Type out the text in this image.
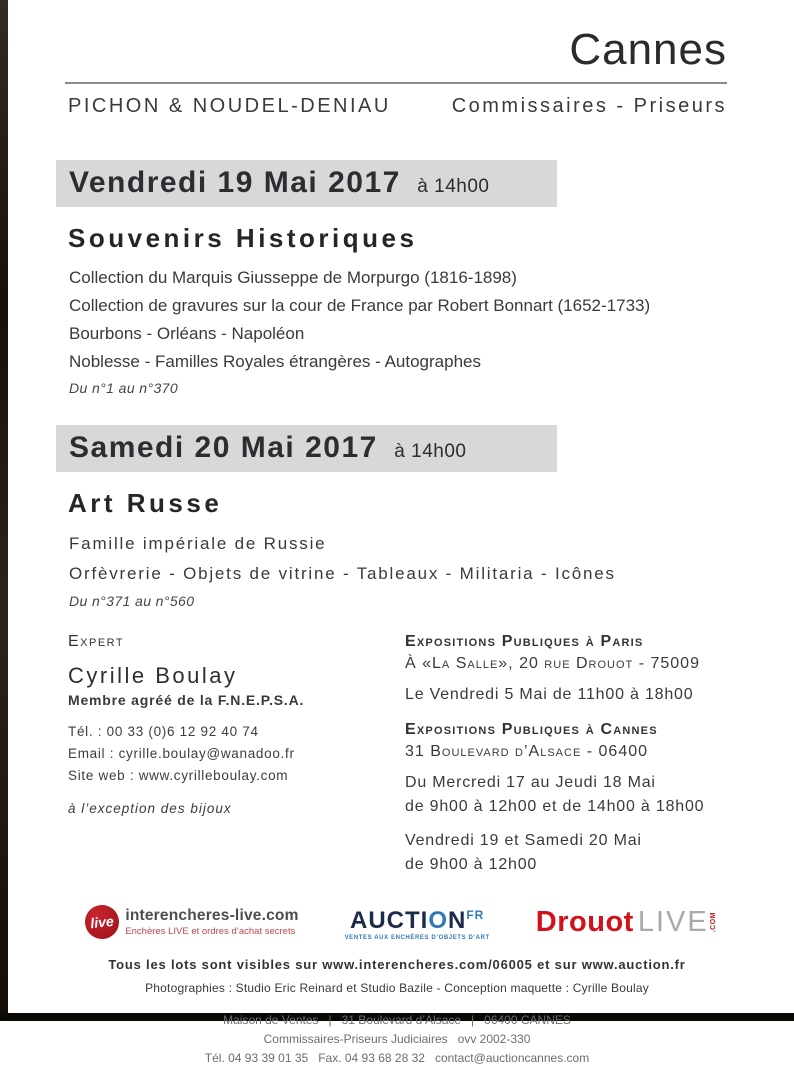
Cannes
PICHON & NOUDEL-DENIAU	Commissaires - Priseurs
Vendredi 19 Mai 2017 à 14h00
Souvenirs Historiques
Collection du Marquis Giusseppe de Morpurgo (1816-1898)
Collection de gravures sur la cour de France par Robert Bonnart (1652-1733)
Bourbons - Orléans - Napoléon
Noblesse - Familles Royales étrangères - Autographes
Du n°1 au n°370
Samedi 20 Mai 2017 à 14h00
Art Russe
Famille impériale de Russie
Orfèvrerie - Objets de vitrine - Tableaux - Militaria - Icônes
Du n°371 au n°560
Expert
Cyrille Boulay
Membre agréé de la F.N.E.P.S.A.
Tél. : 00 33 (0)6 12 92 40 74
Email : cyrille.boulay@wanadoo.fr
Site web : www.cyrilleboulay.com
à l’exception des bijoux
Expositions Publiques à Paris
À «La Salle», 20 rue Drouot - 75009
Le Vendredi 5 Mai de 11h00 à 18h00
Expositions Publiques à Cannes
31 Boulevard d’Alsace - 06400
Du Mercredi 17 au Jeudi 18 Mai
de 9h00 à 12h00 et de 14h00 à 18h00
Vendredi 19 et Samedi 20 Mai
de 9h00 à 12h00
live interencheres-live.com
Enchères LIVE et ordres d’achat secrets $AUCTION^{FR}$
VENTES AUX ENCHÈRES D’OBJETS D’ART
Drouot LIVE .COM
Tous les lots sont visibles sur www.interencheres.com/06005 et sur www.auction.fr
Photographies : Studio Eric Reinard et Studio Bazile - Conception maquette : Cyrille Boulay
Maison de Ventes   |   31 Boulevard d’Alsace   |   06400 CANNES
Commissaires-Priseurs Judiciaires   ovv 2002-330
Tél. 04 93 39 01 35   Fax. 04 93 68 28 32   contact@auctioncannes.com
